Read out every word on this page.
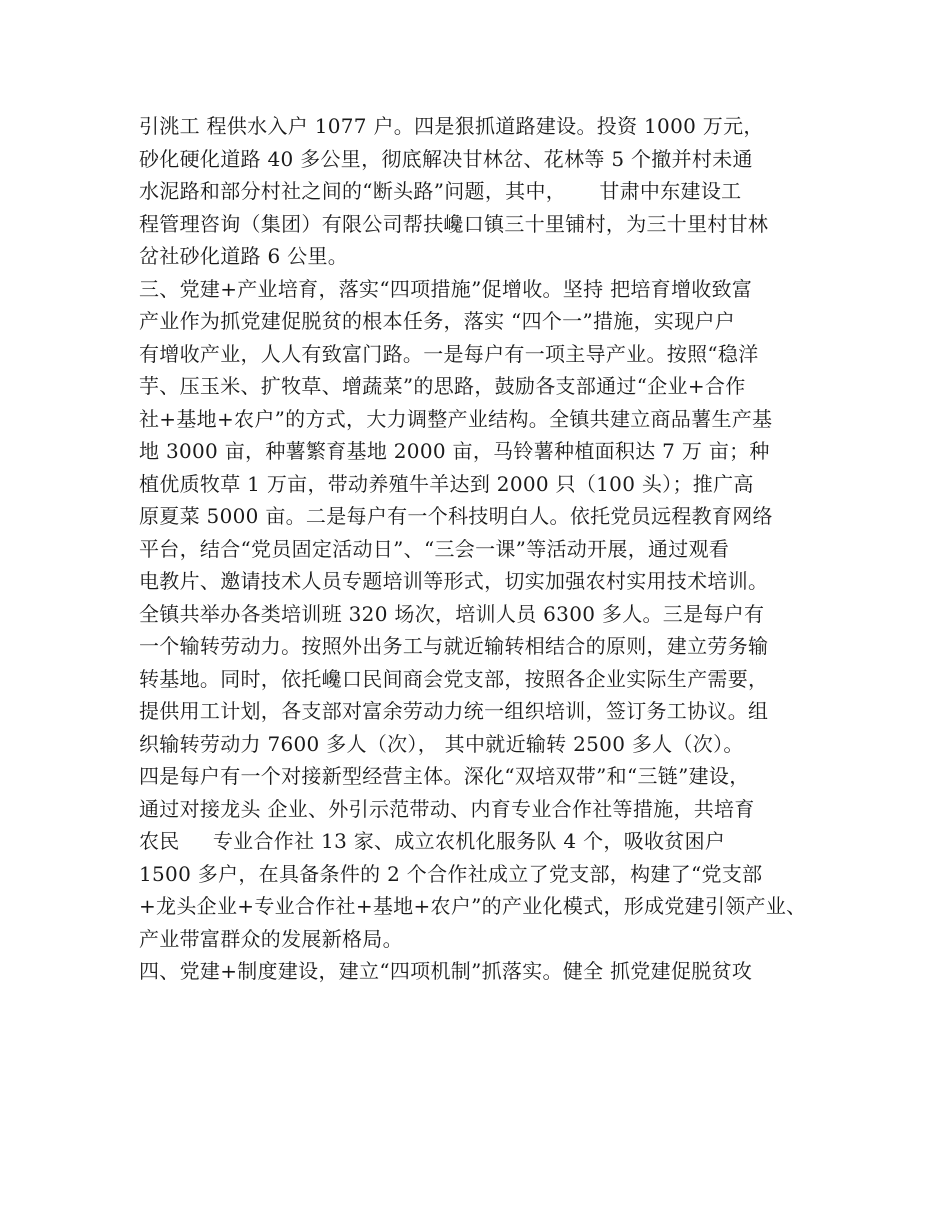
引洮工 程供水入户 1077 户。四是狠抓道路建设。投资 1000 万元，
砂化硬化道路 40 多公里，彻底解决甘林岔、花林等 5 个撤并村未通
水泥路和部分村社之间的“断头路”问题，其中，     甘肃中东建设工
程管理咨询（集团）有限公司帮扶巉口镇三十里铺村，为三十里村甘林
岔社砂化道路 6 公里。
三、党建+产业培育，落实“四项措施”促增收。坚持 把培育增收致富
产业作为抓党建促脱贫的根本任务，落实 “四个一”措施，实现户户
有增收产业，人人有致富门路。一是每户有一项主导产业。按照“稳洋
芋、压玉米、扩牧草、增蔬菜”的思路，鼓励各支部通过“企业+合作
社+基地+农户”的方式，大力调整产业结构。全镇共建立商品薯生产基
地 3000 亩，种薯繁育基地 2000 亩，马铃薯种植面积达 7 万 亩；种
植优质牧草 1 万亩，带动养殖牛羊达到 2000 只（100 头）；推广高
原夏菜 5000 亩。二是每户有一个科技明白人。依托党员远程教育网络
平台，结合“党员固定活动日”、“三会一课”等活动开展，通过观看
电教片、邀请技术人员专题培训等形式，切实加强农村实用技术培训。
全镇共举办各类培训班 320 场次，培训人员 6300 多人。三是每户有
一个输转劳动力。按照外出务工与就近输转相结合的原则，建立劳务输
转基地。同时，依托巉口民间商会党支部，按照各企业实际生产需要，
提供用工计划，各支部对富余劳动力统一组织培训，签订务工协议。组
织输转劳动力 7600 多人（次）， 其中就近输转 2500 多人（次）。
四是每户有一个对接新型经营主体。深化“双培双带”和“三链”建设，
通过对接龙头 企业、外引示范带动、内育专业合作社等措施，共培育
农民     专业合作社 13 家、成立农机化服务队 4 个，吸收贫困户
1500 多户，在具备条件的 2 个合作社成立了党支部，构建了“党支部
+龙头企业+专业合作社+基地+农户”的产业化模式，形成党建引领产业、
产业带富群众的发展新格局。
四、党建+制度建设，建立“四项机制”抓落实。健全 抓党建促脱贫攻
